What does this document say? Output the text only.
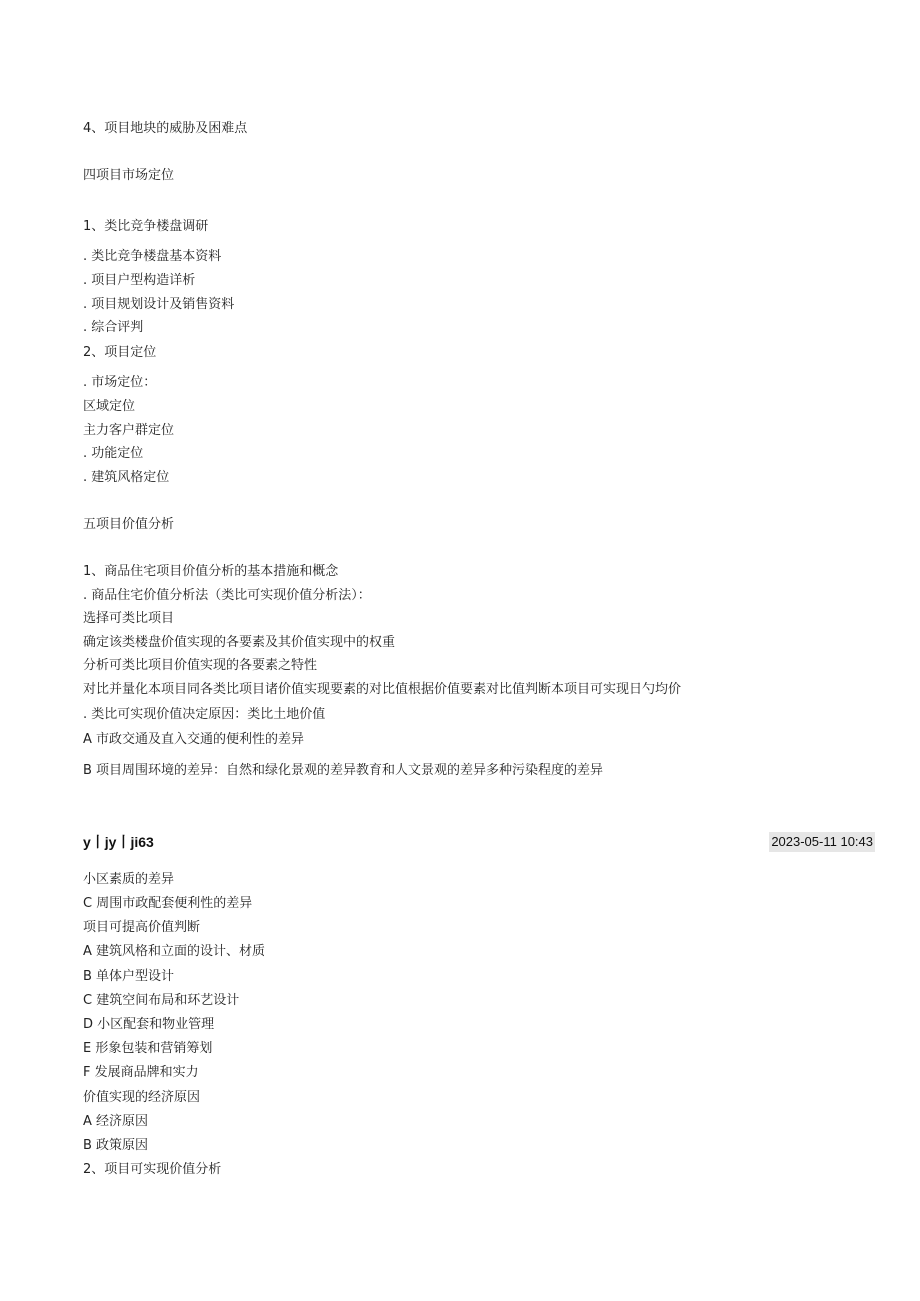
4、项目地块的威胁及困难点
四项目市场定位
1、类比竞争楼盘调研
. 类比竞争楼盘基本资料
. 项目户型构造详析
. 项目规划设计及销售资料
. 综合评判
2、项目定位
. 市场定位：
区域定位
主力客户群定位
. 功能定位
. 建筑风格定位
五项目价值分析
1、商品住宅项目价值分析的基本措施和概念
. 商品住宅价值分析法（类比可实现价值分析法）：
选择可类比项目
确定该类楼盘价值实现的各要素及其价值实现中的权重
分析可类比项目价值实现的各要素之特性
对比并量化本项目同各类比项目诸价值实现要素的对比值根据价值要素对比值判断本项目可实现日勺均价
. 类比可实现价值决定原因：类比土地价值
A 市政交通及直入交通的便利性的差异
B 项目周围环境的差异：自然和绿化景观的差异教育和人文景观的差异多种污染程度的差异
y丨jy丨ji63	2023-05-11 10:43
小区素质的差异
C 周围市政配套便利性的差异
项目可提高价值判断
A 建筑风格和立面的设计、材质
B 单体户型设计
C 建筑空间布局和环艺设计
D 小区配套和物业管理
E 形象包装和营销筹划
F 发展商品牌和实力
价值实现的经济原因
A 经济原因
B 政策原因
2、项目可实现价值分析
